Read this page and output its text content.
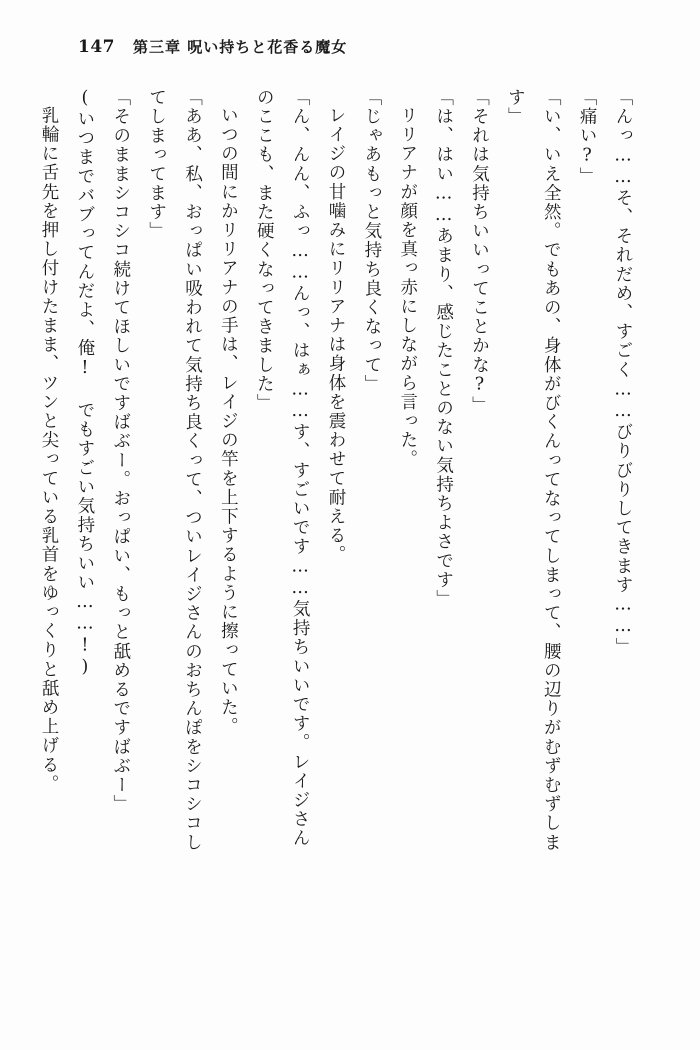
147 第三章 呪い持ちと花香る魔女

「んっ……そ、それだめ、すごく……びりびりしてきます……」

「痛い?」

「い、いえ全然。でもあの、身体がびくんってなってしまって、腰の辺りがむずむずしま

す」

「それは気持ちいいってことかな?」

「は、はい……あまり、感じたことのない気持ちよさです」

リリアナが顔を真っ赤にしながら言った。

「じゃあもっと気持ち良くなって」

レイジの甘噛みにリリアナは身体を震わせて耐える。

「ん、んん、ふっ……んっ、はぁ……す、すごいです……気持ちいいです。レイジさん

のここも、また硬くなってきました」

いつの間にかリリアナの手は、レイジの竿を上下するように擦っていた。

「ああ、私、おっぱい吸われて気持ち良くって、ついレイジさんのおちんぽをシコシコし

てしまってます」

「そのままシコシコ続けてほしいですばぶー。おっぱい、もっと舐めるですばぶー」

(いつまでバブってんだよ、俺! でもすごい気持ちいい……!)

乳輪に舌先を押し付けたまま、ツンと尖っている乳首をゆっくりと舐め上げる。
